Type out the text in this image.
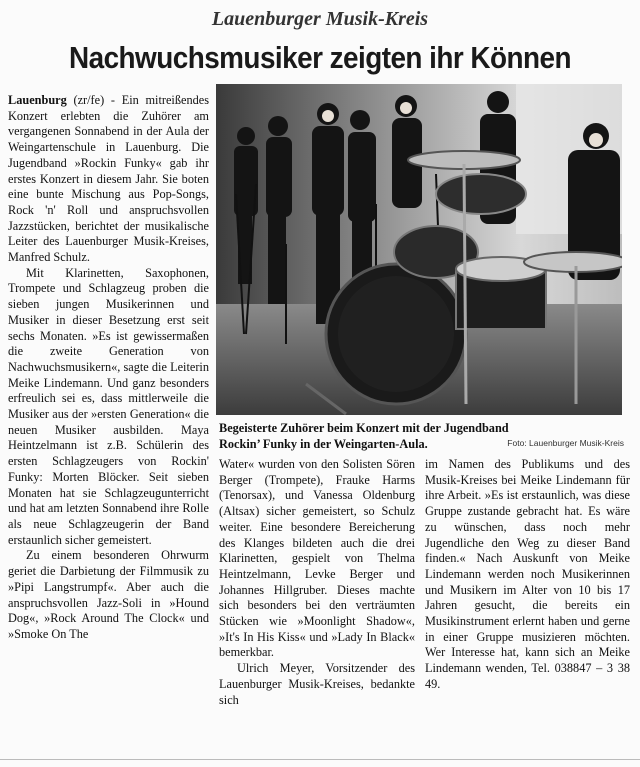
Lauenburger Musik-Kreis
Nachwuchsmusiker zeigten ihr Können

Lauenburg (zr/fe) - Ein mitreißendes Konzert erlebten die Zuhörer am vergangenen Sonnabend in der Aula der Weingartenschule in Lauenburg. Die Jugendband »Rockin Funky« gab ihr erstes Konzert in diesem Jahr. Sie boten eine bunte Mischung aus Pop-Songs, Rock 'n' Roll und anspruchsvollen Jazzstücken, berichtet der musikalische Leiter des Lauenburger Musik-Kreises, Manfred Schulz.

Mit Klarinetten, Saxophonen, Trompete und Schlagzeug proben die sieben jungen Musikerinnen und Musiker in dieser Besetzung erst seit sechs Monaten. »Es ist gewissermaßen die zweite Generation von Nachwuchsmusikern«, sagte die Leiterin Meike Lindemann. Und ganz besonders erfreulich sei es, dass mittlerweile die Musiker aus der »ersten Generation« die neuen Musiker ausbilden. Maya Heintzelmann ist z.B. Schülerin des ersten Schlagzeugers von Rockin' Funky: Morten Blöcker. Seit sieben Monaten hat sie Schlagzeugunterricht und hat am letzten Sonnabend ihre Rolle als neue Schlagzeugerin der Band erstaunlich sicher gemeistert.

Zu einem besonderen Ohrwurm geriet die Darbietung der Filmmusik zu »Pipi Langstrumpf«. Aber auch die anspruchsvollen Jazz-Soli in »Hound Dog«, »Rock Around The Clock« und »Smoke On The

Begeisterte Zuhörer beim Konzert mit der Jugendband Rockin’ Funky in der Weingarten-Aula.	Foto: Lauenburger Musik-Kreis

Water« wurden von den Solisten Sören Berger (Trompete), Frauke Harms (Tenorsax), und Vanessa Oldenburg (Altsax) sicher gemeistert, so Schulz weiter. Eine besondere Bereicherung des Klanges bildeten auch die drei Klarinetten, gespielt von Thelma Heintzelmann, Levke Berger und Johannes Hillgruber. Dieses machte sich besonders bei den verträumten Stücken wie »Moonlight Shadow«, »It's In His Kiss« und »Lady In Black« bemerkbar.

Ulrich Meyer, Vorsitzender des Lauenburger Musik-Kreises, bedankte sich

im Namen des Publikums und des Musik-Kreises bei Meike Lindemann für ihre Arbeit. »Es ist erstaunlich, was diese Gruppe zustande gebracht hat. Es wäre zu wünschen, dass noch mehr Jugendliche den Weg zu dieser Band finden.« Nach Auskunft von Meike Lindemann werden noch Musikerinnen und Musikern im Alter von 10 bis 17 Jahren gesucht, die bereits ein Musikinstrument erlernt haben und gerne in einer Gruppe musizieren möchten. Wer Interesse hat, kann sich an Meike Lindemann wenden, Tel. 038847 – 3 38 49.
